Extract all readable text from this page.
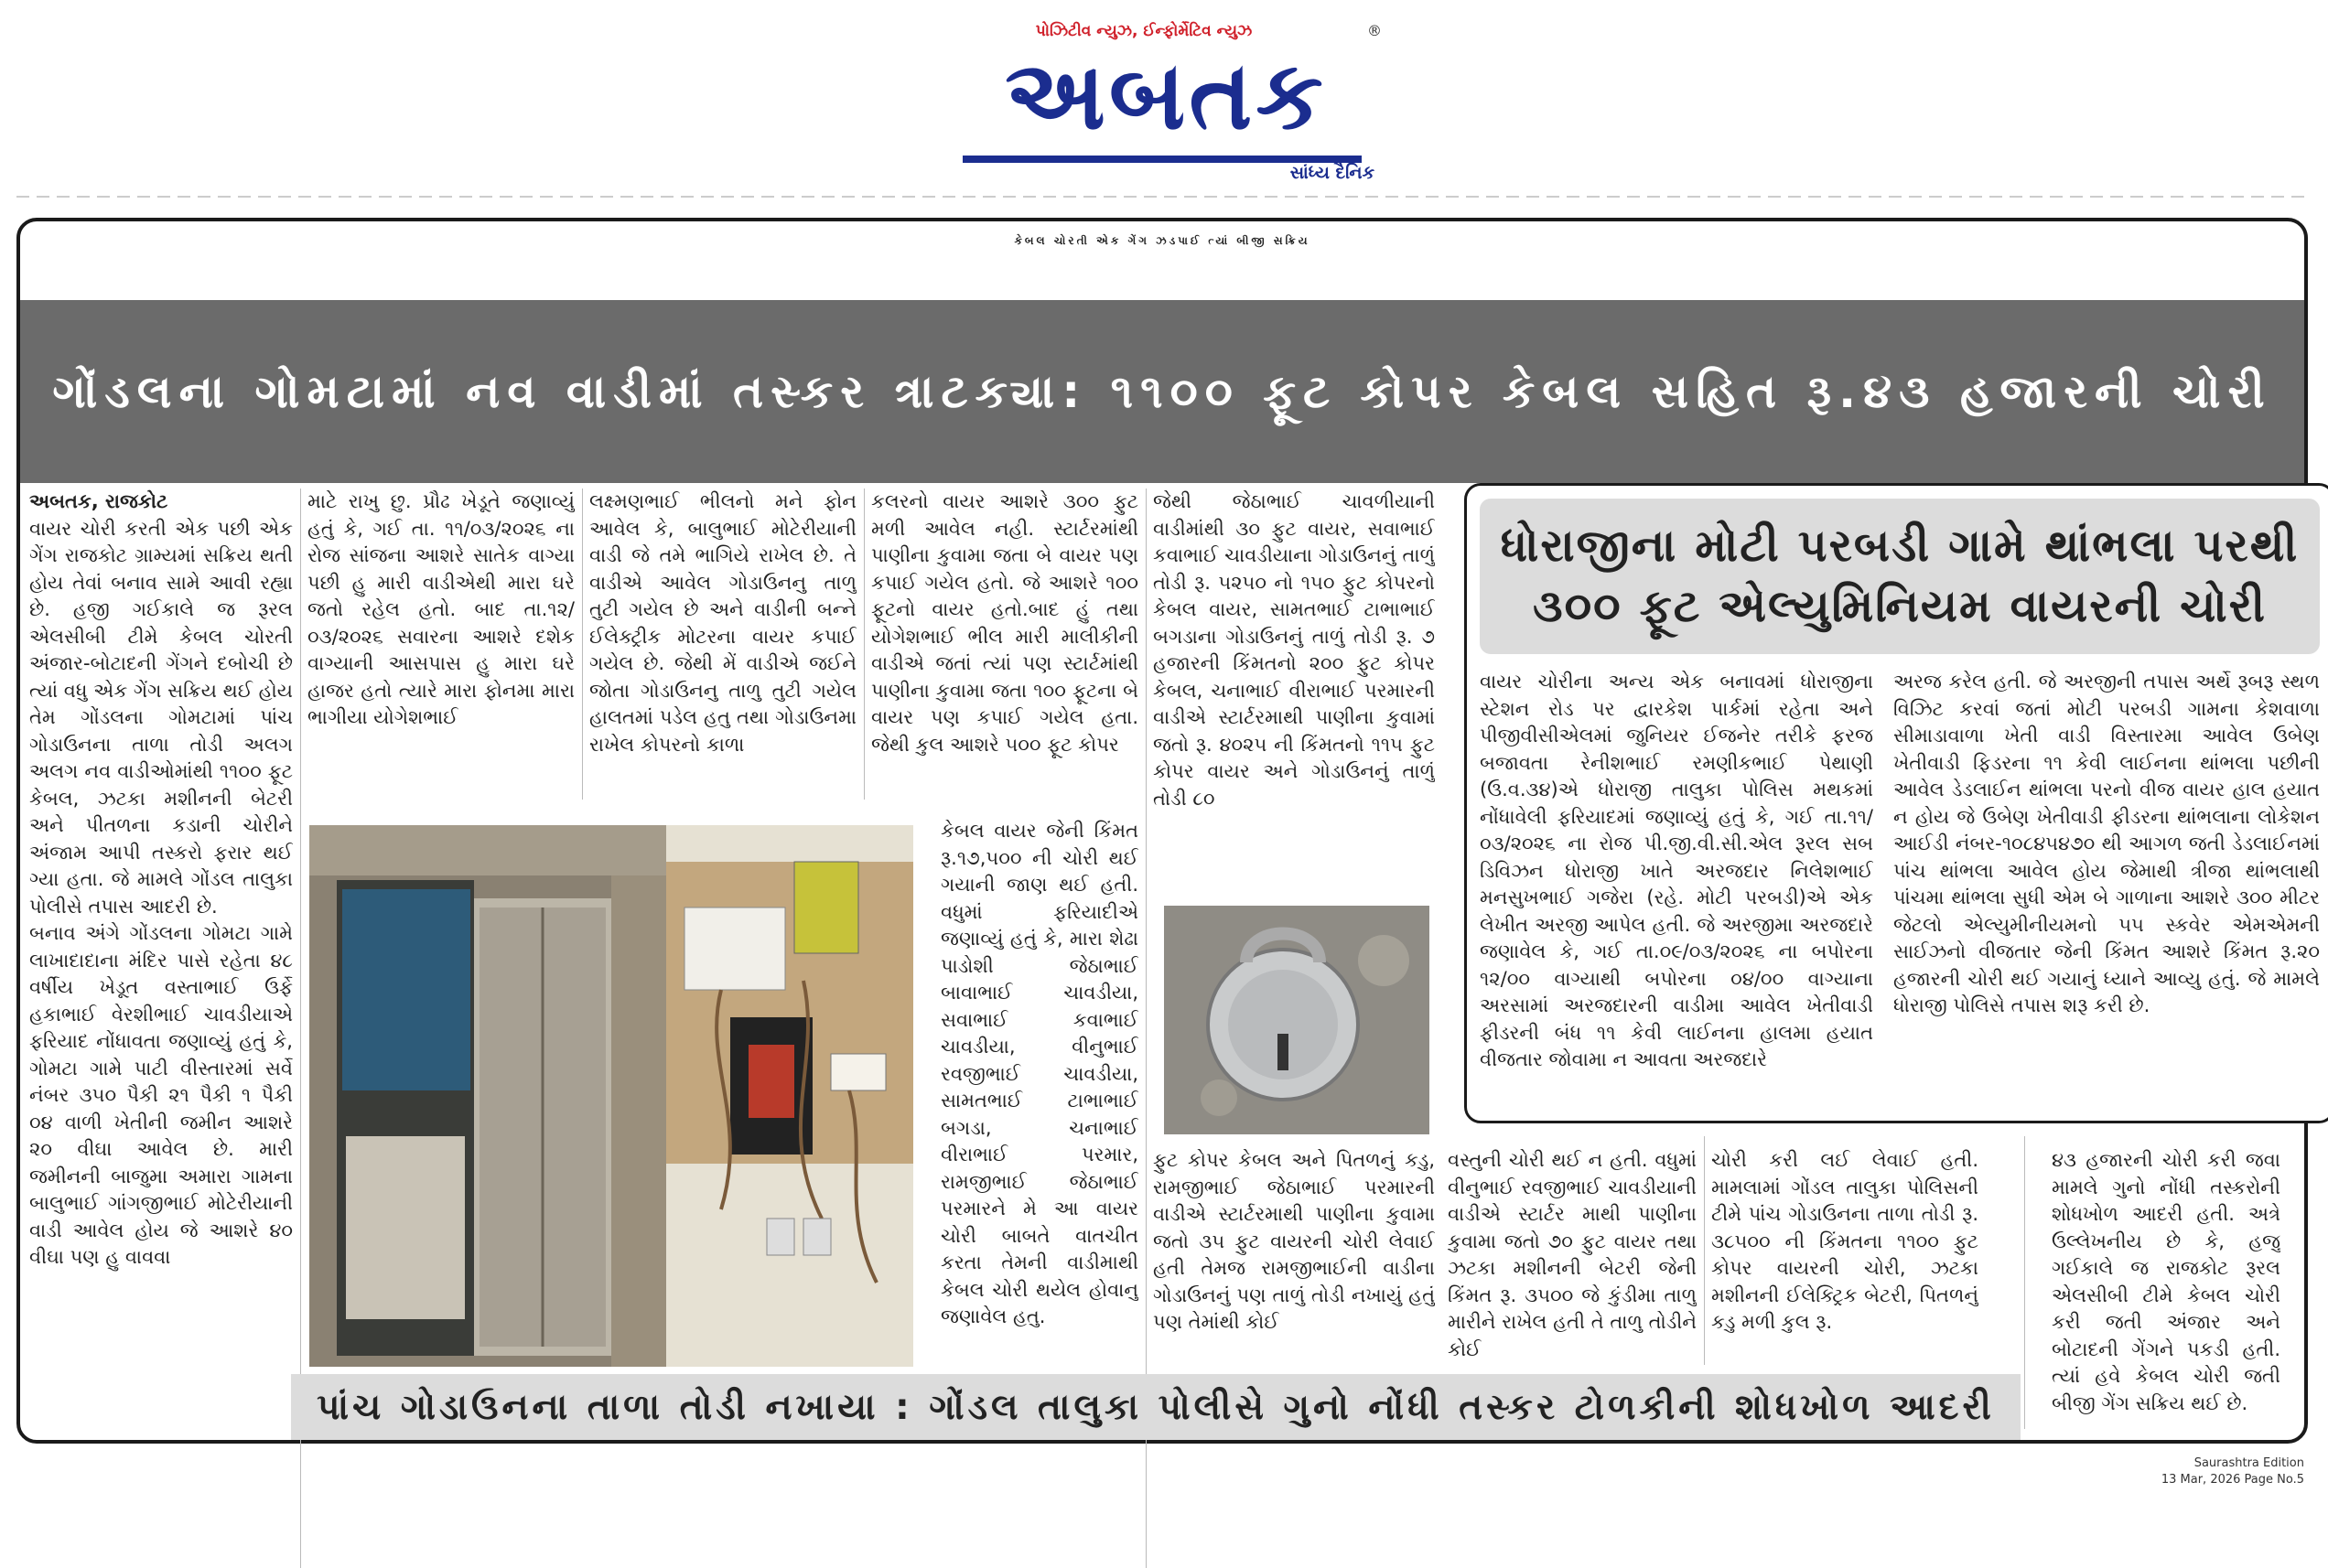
પોઝિટીવ ન્યુઝ, ઈન્ફોર્મેટિવ ન્યુઝ	®
અબતક
સાંધ્ય દૈનિક
કેબલ ચોરતી એક ગેંગ ઝડપાઈ ત્યાં બીજી સક્રિય
ગોંડલના ગોમટામાં નવ વાડીમાં તસ્કર ત્રાટક્યા: ૧૧૦૦ ફૂટ કોપર કેબલ સહિત રૂ.૪૩ હજારની ચોરી

અબતક, રાજકોટ

વાયર ચોરી કરતી એક પછી એક ગેંગ રાજકોટ ગ્રામ્યમાં સક્રિય થતી હોય તેવાં બનાવ સામે આવી રહ્યા છે. હજી ગઈકાલે જ રૂરલ એલસીબી ટીમે કેબલ ચોરતી અંજાર-બોટાદની ગેંગને દબોચી છે ત્યાં વધુ એક ગેંગ સક્રિય થઈ હોય તેમ ગોંડલના ગોમટામાં પાંચ ગોડાઉનના તાળા તોડી અલગ અલગ નવ વાડીઓમાંથી ૧૧૦૦ ફૂટ કેબલ, ઝટકા મશીનની બેટરી અને પીતળના કડાની ચોરીને અંજામ આપી તસ્કરો ફરાર થઈ ગ્યા હતા. જે મામલે ગોંડલ તાલુકા પોલીસે તપાસ આદરી છે.

બનાવ અંગે ગોંડલના ગોમટા ગામે લાખાદાદાના મંદિર પાસે રહેતા ૪૮ વર્ષીય ખેડૂત વસ્તાભાઈ ઉર્ફે હકાભાઈ વેરશીભાઈ ચાવડીયાએ ફરિયાદ નોંધાવતા જણાવ્યું હતું કે, ગોમટા ગામે પાટી વીસ્તારમાં સર્વે નંબર ૩૫૦ પૈકી ૨૧ પૈકી ૧ પૈકી ૦૪ વાળી ખેતીની જમીન આશરે ૨૦ વીઘા આવેલ છે. મારી જમીનની બાજુમા અમારા ગામના બાલુભાઈ ગાંગજીભાઈ મોટેરીયાની વાડી આવેલ હોય જે આશરે ૪૦ વીઘા પણ હુ વાવવા

માટે રાખુ છુ. પ્રૌઢ ખેડૂતે જણાવ્યું હતું કે, ગઈ તા. ૧૧/૦૩/૨૦૨૬ ના રોજ સાંજના આશરે સાતેક વાગ્યા પછી હુ મારી વાડીએથી મારા ઘરે જતો રહેલ હતો. બાદ તા.૧૨/ ૦૩/૨૦૨૬ સવારના આશરે દશેક વાગ્યાની આસપાસ હુ મારા ઘરે હાજર હતો ત્યારે મારા ફોનમા મારા ભાગીયા યોગેશભાઈ

લક્ષ્મણભાઈ ભીલનો મને ફોન આવેલ કે, બાલુભાઈ મોટેરીયાની વાડી જે તમે ભાગિયે રાખેલ છે. તે વાડીએ આવેલ ગોડાઉનનુ તાળુ તુટી ગયેલ છે અને વાડીની બન્ને ઈલેક્ટ્રીક મોટરના વાયર કપાઈ ગયેલ છે. જેથી મેં વાડીએ જઈને જોતા ગોડાઉનનુ તાળુ તુટી ગયેલ હાલતમાં પડેલ હતુ તથા ગોડાઉનમા રાખેલ કોપરનો કાળા

કલરનો વાયર આશરે ૩૦૦ ફુટ મળી આવેલ નહી. સ્ટાર્ટરમાંથી પાણીના કુવામા જતા બે વાયર પણ કપાઈ ગયેલ હતો. જે આશરે ૧૦૦ ફૂટનો વાયર હતો.બાદ હું તથા યોગેશભાઈ ભીલ મારી માલીકીની વાડીએ જતાં ત્યાં પણ સ્ટાર્ટમાંથી પાણીના કુવામા જતા ૧૦૦ ફૂટના બે વાયર પણ કપાઈ ગયેલ હતા. જેથી કુલ આશરે ૫૦૦ ફૂટ કોપર

કેબલ વાયર જેની કિંમત રૂ.૧૭,૫૦૦ ની ચોરી થઈ ગયાની જાણ થઈ હતી. વધુમાં ફરિયાદીએ જણાવ્યું હતું કે, મારા શેઢા પાડોશી જેઠાભાઈ બાવાભાઈ ચાવડીયા, સવાભાઈ કવાભાઈ ચાવડીયા, વીનુભાઈ રવજીભાઈ ચાવડીયા, સામતભાઈ ટાભાભાઈ બગડા, ચનાભાઈ વીરાભાઈ પરમાર, રામજીભાઈ જેઠાભાઈ પરમારને મે આ વાયર ચોરી બાબતે વાતચીત કરતા તેમની વાડીમાથી કેબલ ચોરી થયેલ હોવાનુ જણાવેલ હતુ.

જેથી જેઠાભાઈ ચાવળીયાની વાડીમાંથી ૩૦ ફુટ વાયર, સવાભાઈ કવાભાઈ ચાવડીયાના ગોડાઉનનું તાળું તોડી રૂ. ૫૨૫૦ નો ૧૫૦ ફુટ કોપરનો કેબલ વાયર, સામતભાઈ ટાભાભાઈ બગડાના ગોડાઉનનું તાળું તોડી રૂ. ૭ હજારની કિંમતનો ૨૦૦ ફુટ કોપર કેબલ, ચનાભાઈ વીરાભાઈ પરમારની વાડીએ સ્ટાર્ટરમાથી પાણીના કુવામાં જતો રૂ. ૪૦૨૫ ની કિંમતનો ૧૧૫ ફુટ કોપર વાયર અને ગોડાઉનનું તાળું તોડી ૮૦

ફુટ કોપર કેબલ અને પિતળનું કડુ, રામજીભાઈ જેઠાભાઈ પરમારની વાડીએ સ્ટાર્ટરમાથી પાણીના કુવામા જતો ૩૫ ફુટ વાયરની ચોરી લેવાઈ હતી તેમજ રામજીભાઈની વાડીના ગોડાઉનનું પણ તાળું તોડી નખાયું હતું પણ તેમાંથી કોઈ

વસ્તુની ચોરી થઈ ન હતી. વધુમાં વીનુભાઈ રવજીભાઈ ચાવડીયાની વાડીએ સ્ટાર્ટર માથી પાણીના કુવામા જતો ૭૦ ફુટ વાયર તથા ઝટકા મશીનની બેટરી જેની કિંમત રૂ. ૩૫૦૦ જે કુંડીમા તાળુ મારીને રાખેલ હતી તે તાળુ તોડીને કોઈ

ચોરી કરી લઈ લેવાઈ હતી. મામલામાં ગોંડલ તાલુકા પોલિસની ટીમે પાંચ ગોડાઉનના તાળા તોડી રૂ. ૩૮૫૦૦ ની કિંમતના ૧૧૦૦ ફુટ કોપર વાયરની ચોરી, ઝટકા મશીનની ઈલેક્ટ્રિક બેટરી, પિતળનું કડુ મળી કુલ રૂ.

૪૩ હજારની ચોરી કરી જવા મામલે ગુનો નોંધી તસ્કરોની શોધખોળ આદરી હતી. અત્રે ઉલ્લેખનીય છે કે, હજુ ગઈકાલે જ રાજકોટ રૂરલ એલસીબી ટીમે કેબલ ચોરી કરી જતી અંજાર અને બોટાદની ગેંગને પકડી હતી. ત્યાં હવે કેબલ ચોરી જતી બીજી ગેંગ સક્રિય થઈ છે.

ધોરાજીના મોટી પરબડી ગામે થાંભલા પરથી
૩૦૦ ફૂટ એલ્યુમિનિયમ વાયરની ચોરી

વાયર ચોરીના અન્ય એક બનાવમાં ધોરાજીના સ્ટેશન રોડ પર દ્વારકેશ પાર્કમાં રહેતા અને પીજીવીસીએલમાં જુનિયર ઈજનેર તરીકે ફરજ બજાવતા રેનીશભાઈ રમણીકભાઈ પેથાણી (ઉ.વ.૩૪)એ ધોરાજી તાલુકા પોલિસ મથકમાં નોંધાવેલી ફરિયાદમાં જણાવ્યું હતું કે, ગઈ તા.૧૧/ ૦૩/૨૦૨૬ ના રોજ પી.જી.વી.સી.એલ રૂરલ સબ ડિવિઝન ધોરાજી ખાતે અરજદાર નિલેશભાઈ મનસુખભાઈ ગજેરા (રહે. મોટી પરબડી)એ એક લેખીત અરજી આપેલ હતી. જે અરજીમા અરજદારે જણાવેલ કે, ગઈ તા.૦૯/૦૩/૨૦૨૬ ના બપોરના ૧૨/૦૦ વાગ્યાથી બપોરના ૦૪/૦૦ વાગ્યાના અરસામાં અરજદારની વાડીમા આવેલ ખેતીવાડી ફીડરની બંધ ૧૧ કેવી લાઈનના હાલમા હયાત વીજતાર જોવામા ન આવતા અરજદારે

અરજ કરેલ હતી. જે અરજીની તપાસ અર્થે રૂબરૂ સ્થળ વિઝિટ કરવાં જતાં મોટી પરબડી ગામના કેશવાળા સીમાડાવાળા ખેતી વાડી વિસ્તારમા આવેલ ઉબેણ ખેતીવાડી ફિડરના ૧૧ કેવી લાઈનના થાંભલા પછીની આવેલ ડેડલાઈન થાંભલા પરનો વીજ વાયર હાલ હયાત ન હોય જે ઉબેણ ખેતીવાડી ફીડરના થાંભલાના લોકેશન આઈડી નંબર-૧૦૮૪૫૪૭૦ થી આગળ જતી ડેડલાઈનમાં પાંચ થાંભલા આવેલ હોય જેમાથી ત્રીજા થાંભલાથી પાંચમા થાંભલા સુધી એમ બે ગાળાના આશરે ૩૦૦ મીટર જેટલો એલ્યુમીનીયમનો ૫૫ સ્કવેર એમએમની સાઈઝનો વીજતાર જેની કિંમત આશરે કિંમત રૂ.૨૦ હજારની ચોરી થઈ ગયાનું ધ્યાને આવ્યુ હતું. જે મામલે ધોરાજી પોલિસે તપાસ શરૂ કરી છે.

પાંચ ગોડાઉનના તાળા તોડી નખાયા : ગોંડલ તાલુકા પોલીસે ગુનો નોંધી તસ્કર ટોળકીની શોધખોળ આદરી
Saurashtra Edition
13 Mar, 2026 Page No.5
